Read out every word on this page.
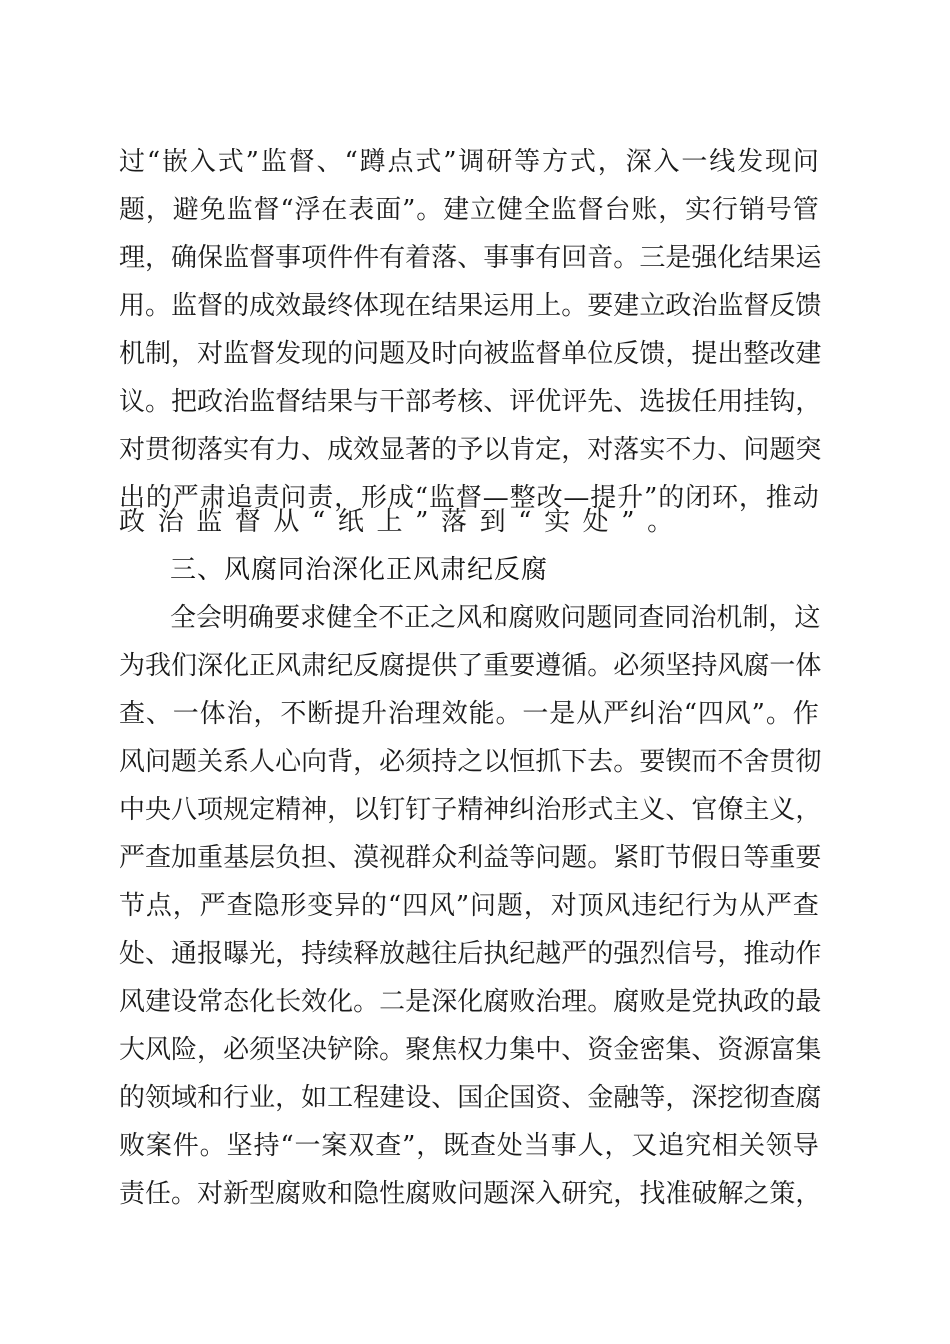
过 “ 嵌 入 式 ” 监 督 、 “ 蹲 点 式 ” 调 研 等 方 式 ， 深 入 一 线 发 现 问
题 ， 避 免 监 督 “ 浮 在 表 面 ” 。 建 立 健 全 监 督 台 账 ， 实 行 销 号 管
理 ， 确 保 监 督 事 项 件 件 有 着 落 、 事 事 有 回 音 。 三 是 强 化 结 果 运
用 。 监 督 的 成 效 最 终 体 现 在 结 果 运 用 上 。 要 建 立 政 治 监 督 反 馈
机 制 ， 对 监 督 发 现 的 问 题 及 时 向 被 监 督 单 位 反 馈 ， 提 出 整 改 建
议 。 把 政 治 监 督 结 果 与 干 部 考 核 、 评 优 评 先 、 选 拔 任 用 挂 钩 ，
对 贯 彻 落 实 有 力 、 成 效 显 著 的 予 以 肯 定 ， 对 落 实 不 力 、 问 题 突
出 的 严 肃 追 责 问 责 ， 形 成 “ 监 督 — 整 改 — 提 升 ” 的 闭 环 ， 推 动
政治监督从“纸上”落到“实处”。
三、风腐同治深化正风肃纪反腐
全 会 明 确 要 求 健 全 不 正 之 风 和 腐 败 问 题 同 查 同 治 机 制 ， 这
为 我 们 深 化 正 风 肃 纪 反 腐 提 供 了 重 要 遵 循 。 必 须 坚 持 风 腐 一 体
查 、 一 体 治 ， 不 断 提 升 治 理 效 能 。 一 是 从 严 纠 治 “ 四 风 ” 。 作
风 问 题 关 系 人 心 向 背 ， 必 须 持 之 以 恒 抓 下 去 。 要 锲 而 不 舍 贯 彻
中 央 八 项 规 定 精 神 ， 以 钉 钉 子 精 神 纠 治 形 式 主 义 、 官 僚 主 义 ，
严 查 加 重 基 层 负 担 、 漠 视 群 众 利 益 等 问 题 。 紧 盯 节 假 日 等 重 要
节 点 ， 严 查 隐 形 变 异 的 “ 四 风 ” 问 题 ， 对 顶 风 违 纪 行 为 从 严 查
处 、 通 报 曝 光 ， 持 续 释 放 越 往 后 执 纪 越 严 的 强 烈 信 号 ， 推 动 作
风 建 设 常 态 化 长 效 化 。 二 是 深 化 腐 败 治 理 。 腐 败 是 党 执 政 的 最
大 风 险 ， 必 须 坚 决 铲 除 。 聚 焦 权 力 集 中 、 资 金 密 集 、 资 源 富 集
的 领 域 和 行 业 ， 如 工 程 建 设 、 国 企 国 资 、 金 融 等 ， 深 挖 彻 查 腐
败 案 件 。 坚 持 “ 一 案 双 查 ” ， 既 查 处 当 事 人 ， 又 追 究 相 关 领 导
责 任 。 对 新 型 腐 败 和 隐 性 腐 败 问 题 深 入 研 究 ， 找 准 破 解 之 策 ，
